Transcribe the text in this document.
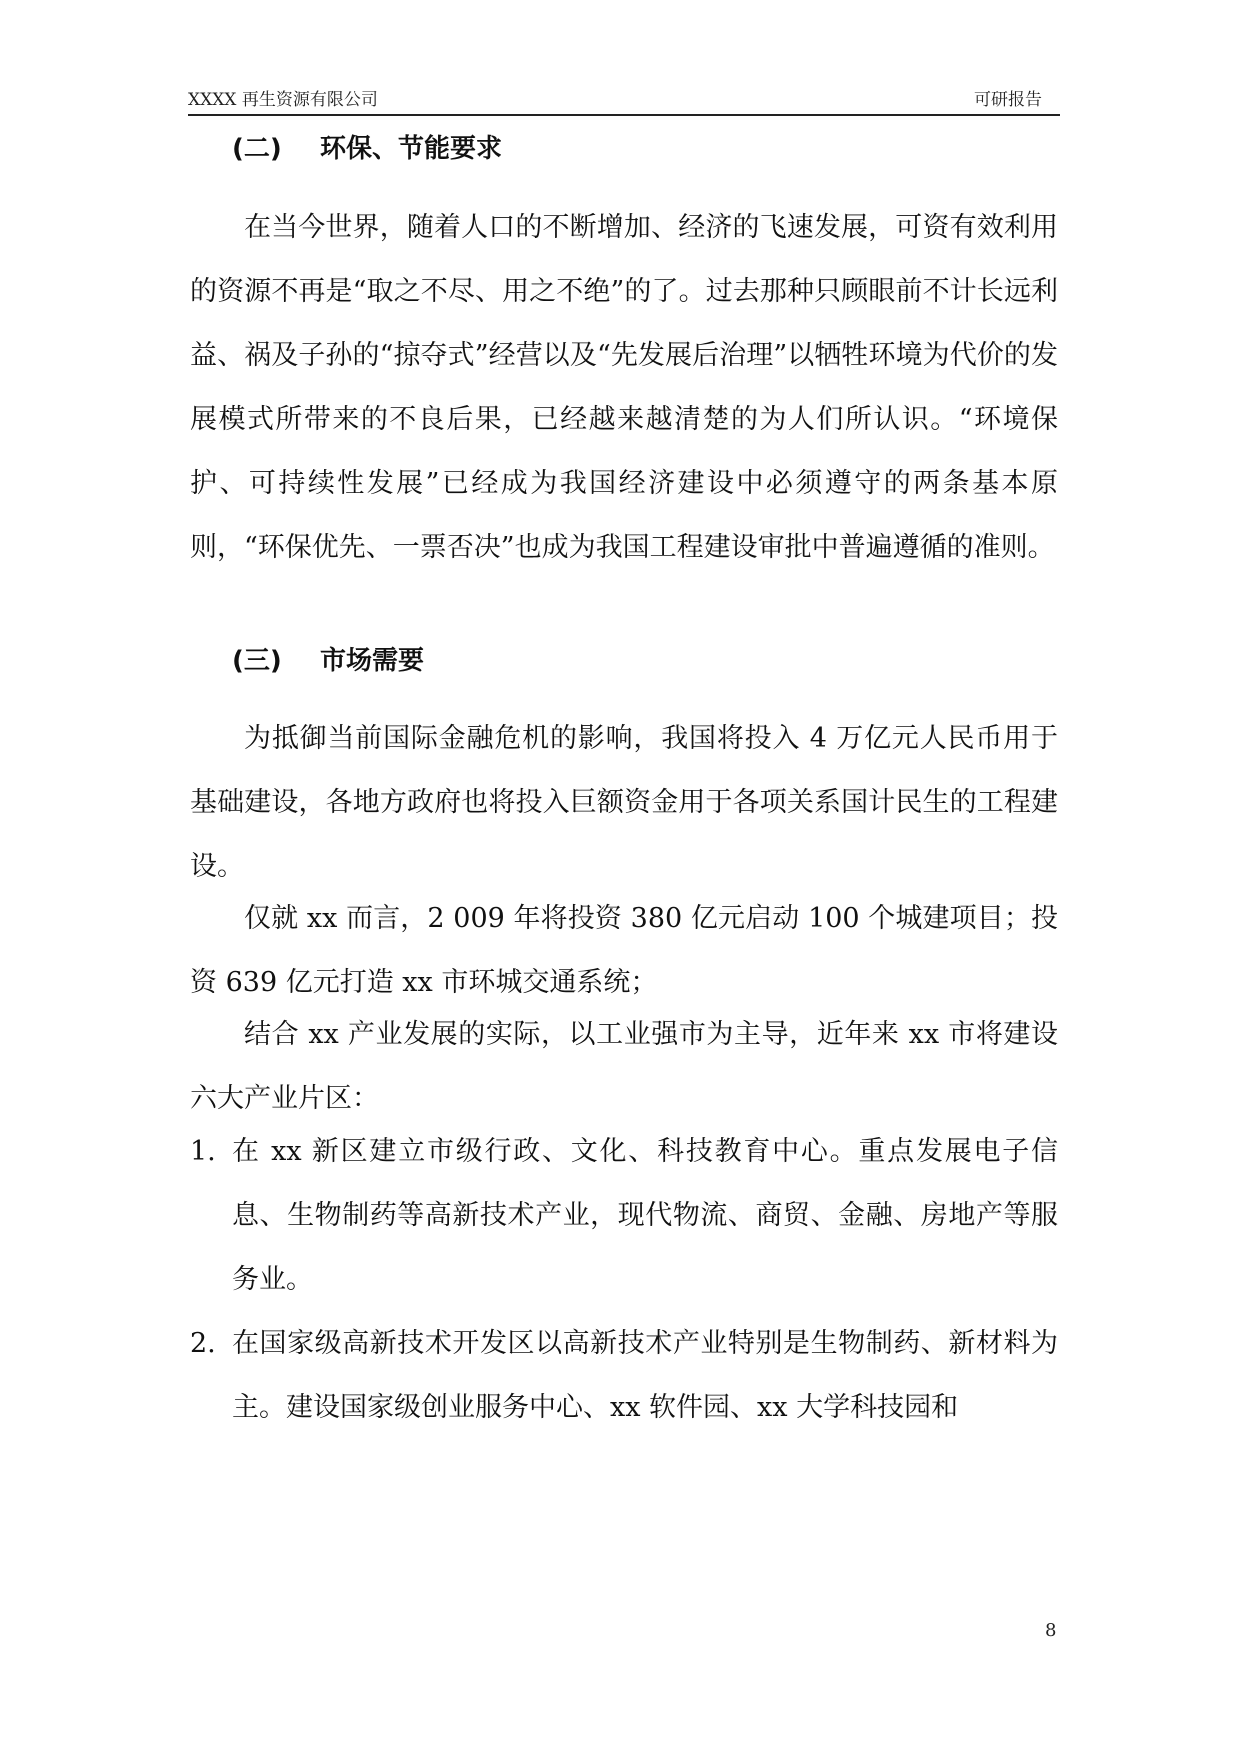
XXXX 再生资源有限公司	可研报告
(二) 环保、节能要求

在当今世界，随着人口的不断增加、经济的飞速发展，可资有效利用的资源不再是“取之不尽、用之不绝”的了。过去那种只顾眼前不计长远利益、祸及子孙的“掠夺式”经营以及“先发展后治理”以牺牲环境为代价的发展模式所带来的不良后果，已经越来越清楚的为人们所认识。“环境保护、可持续性发展”已经成为我国经济建设中必须遵守的两条基本原则，“环保优先、一票否决”也成为我国工程建设审批中普遍遵循的准则。

(三) 市场需要

为抵御当前国际金融危机的影响，我国将投入 4 万亿元人民币用于基础建设，各地方政府也将投入巨额资金用于各项关系国计民生的工程建设。

仅就 xx 而言，2 009 年将投资 380 亿元启动 100 个城建项目；投资 639 亿元打造 xx 市环城交通系统；

结合 xx 产业发展的实际，以工业强市为主导，近年来 xx 市将建设六大产业片区：

1. 在 xx 新区建立市级行政、文化、科技教育中心。重点发展电子信息、生物制药等高新技术产业，现代物流、商贸、金融、房地产等服务业。
2. 在国家级高新技术开发区以高新技术产业特别是生物制药、新材料为主。建设国家级创业服务中心、xx 软件园、xx 大学科技园和
8
